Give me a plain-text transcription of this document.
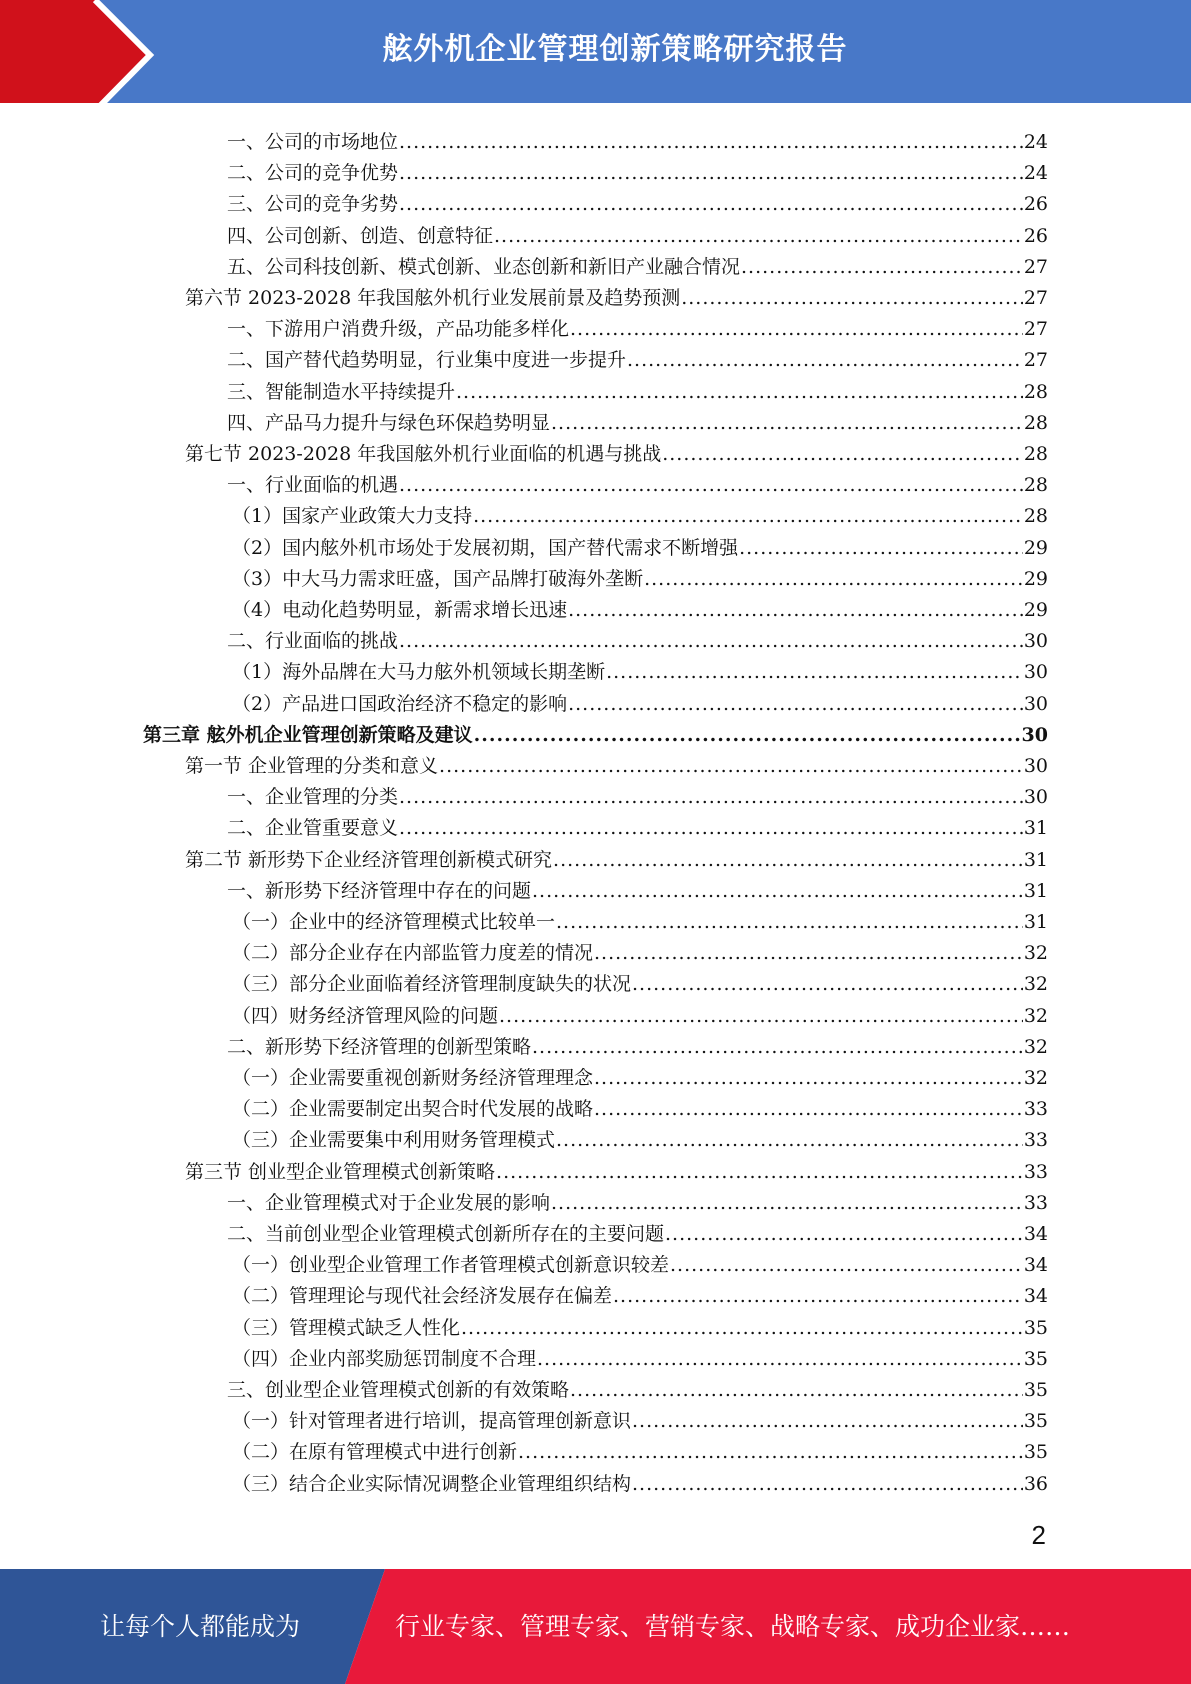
舷外机企业管理创新策略研究报告
一、公司的市场地位 .....	24
二、公司的竞争优势 .....	24
三、公司的竞争劣势 .....	26
四、公司创新、创造、创意特征 .....	26
五、公司科技创新、模式创新、业态创新和新旧产业融合情况 .....	27
第六节 2023-2028 年我国舷外机行业发展前景及趋势预测 .....	27
一、下游用户消费升级，产品功能多样化 .....	27
二、国产替代趋势明显，行业集中度进一步提升 .....	27
三、智能制造水平持续提升 .....	28
四、产品马力提升与绿色环保趋势明显 .....	28
第七节 2023-2028 年我国舷外机行业面临的机遇与挑战 .....	28
一、行业面临的机遇 .....	28
（1）国家产业政策大力支持 .....	28
（2）国内舷外机市场处于发展初期，国产替代需求不断增强 .....	29
（3）中大马力需求旺盛，国产品牌打破海外垄断 .....	29
（4）电动化趋势明显，新需求增长迅速 .....	29
二、行业面临的挑战 .....	30
（1）海外品牌在大马力舷外机领域长期垄断 .....	30
（2）产品进口国政治经济不稳定的影响 .....	30
第三章 舷外机企业管理创新策略及建议 .....	30
第一节 企业管理的分类和意义 .....	30
一、企业管理的分类 .....	30
二、企业管重要意义 .....	31
第二节 新形势下企业经济管理创新模式研究 .....	31
一、新形势下经济管理中存在的问题 .....	31
（一）企业中的经济管理模式比较单一 .....	31
（二）部分企业存在内部监管力度差的情况 .....	32
（三）部分企业面临着经济管理制度缺失的状况 .....	32
（四）财务经济管理风险的问题 .....	32
二、新形势下经济管理的创新型策略 .....	32
（一）企业需要重视创新财务经济管理理念 .....	32
（二）企业需要制定出契合时代发展的战略 .....	33
（三）企业需要集中利用财务管理模式 .....	33
第三节 创业型企业管理模式创新策略 .....	33
一、企业管理模式对于企业发展的影响 .....	33
二、当前创业型企业管理模式创新所存在的主要问题 .....	34
（一）创业型企业管理工作者管理模式创新意识较差 .....	34
（二）管理理论与现代社会经济发展存在偏差 .....	34
（三）管理模式缺乏人性化 .....	35
（四）企业内部奖励惩罚制度不合理 .....	35
三、创业型企业管理模式创新的有效策略 .....	35
（一）针对管理者进行培训，提高管理创新意识 .....	35
（二）在原有管理模式中进行创新 .....	35
（三）结合企业实际情况调整企业管理组织结构 .....	36
2
让每个人都能成为	行业专家、管理专家、营销专家、战略专家、成功企业家……
